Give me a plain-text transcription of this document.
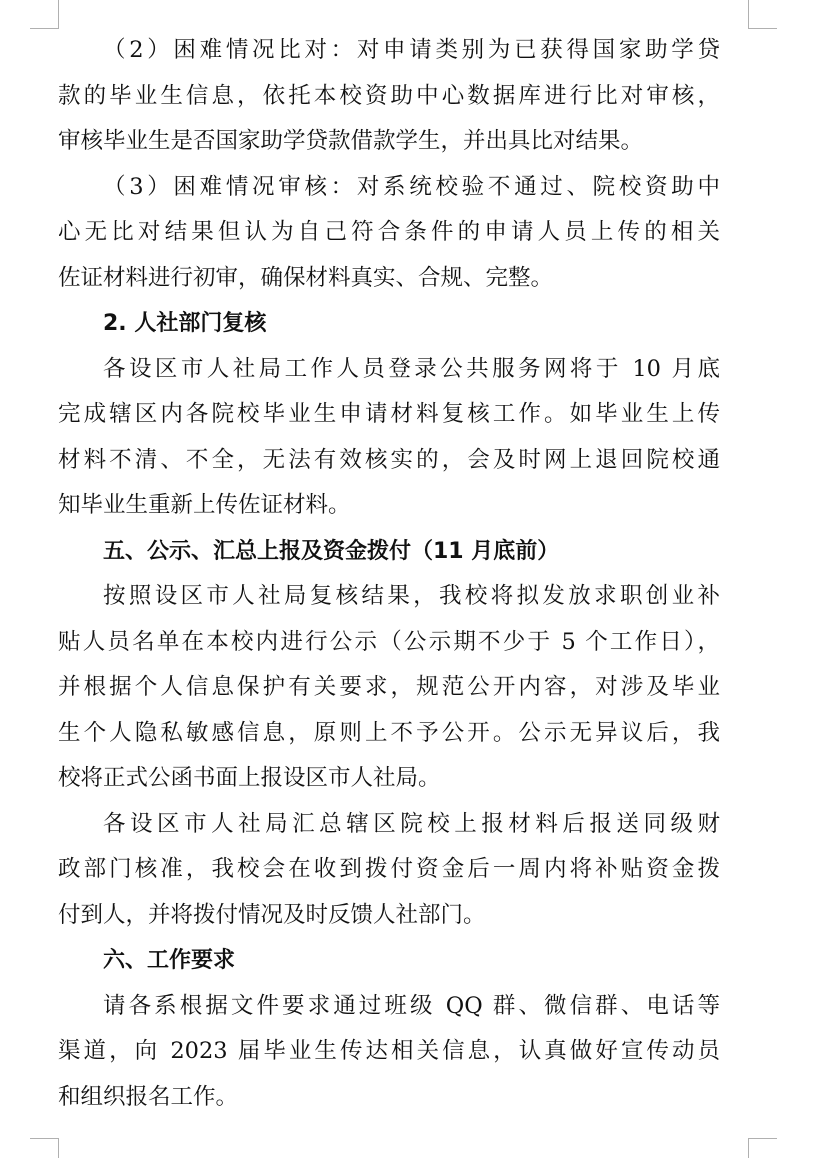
（2）困难情况比对：对申请类别为已获得国家助学贷
款的毕业生信息，依托本校资助中心数据库进行比对审核，
审核毕业生是否国家助学贷款借款学生，并出具比对结果。
（3）困难情况审核：对系统校验不通过、院校资助中
心无比对结果但认为自己符合条件的申请人员上传的相关
佐证材料进行初审，确保材料真实、合规、完整。
2. 人社部门复核
各设区市人社局工作人员登录公共服务网将于 10 月底
完成辖区内各院校毕业生申请材料复核工作。如毕业生上传
材料不清、不全，无法有效核实的，会及时网上退回院校通
知毕业生重新上传佐证材料。
五、公示、汇总上报及资金拨付（11 月底前）
按照设区市人社局复核结果，我校将拟发放求职创业补
贴人员名单在本校内进行公示（公示期不少于 5 个工作日），
并根据个人信息保护有关要求，规范公开内容，对涉及毕业
生个人隐私敏感信息，原则上不予公开。公示无异议后，我
校将正式公函书面上报设区市人社局。
各设区市人社局汇总辖区院校上报材料后报送同级财
政部门核准，我校会在收到拨付资金后一周内将补贴资金拨
付到人，并将拨付情况及时反馈人社部门。
六、工作要求
请各系根据文件要求通过班级 QQ 群、微信群、电话等
渠道，向 2023 届毕业生传达相关信息，认真做好宣传动员
和组织报名工作。
